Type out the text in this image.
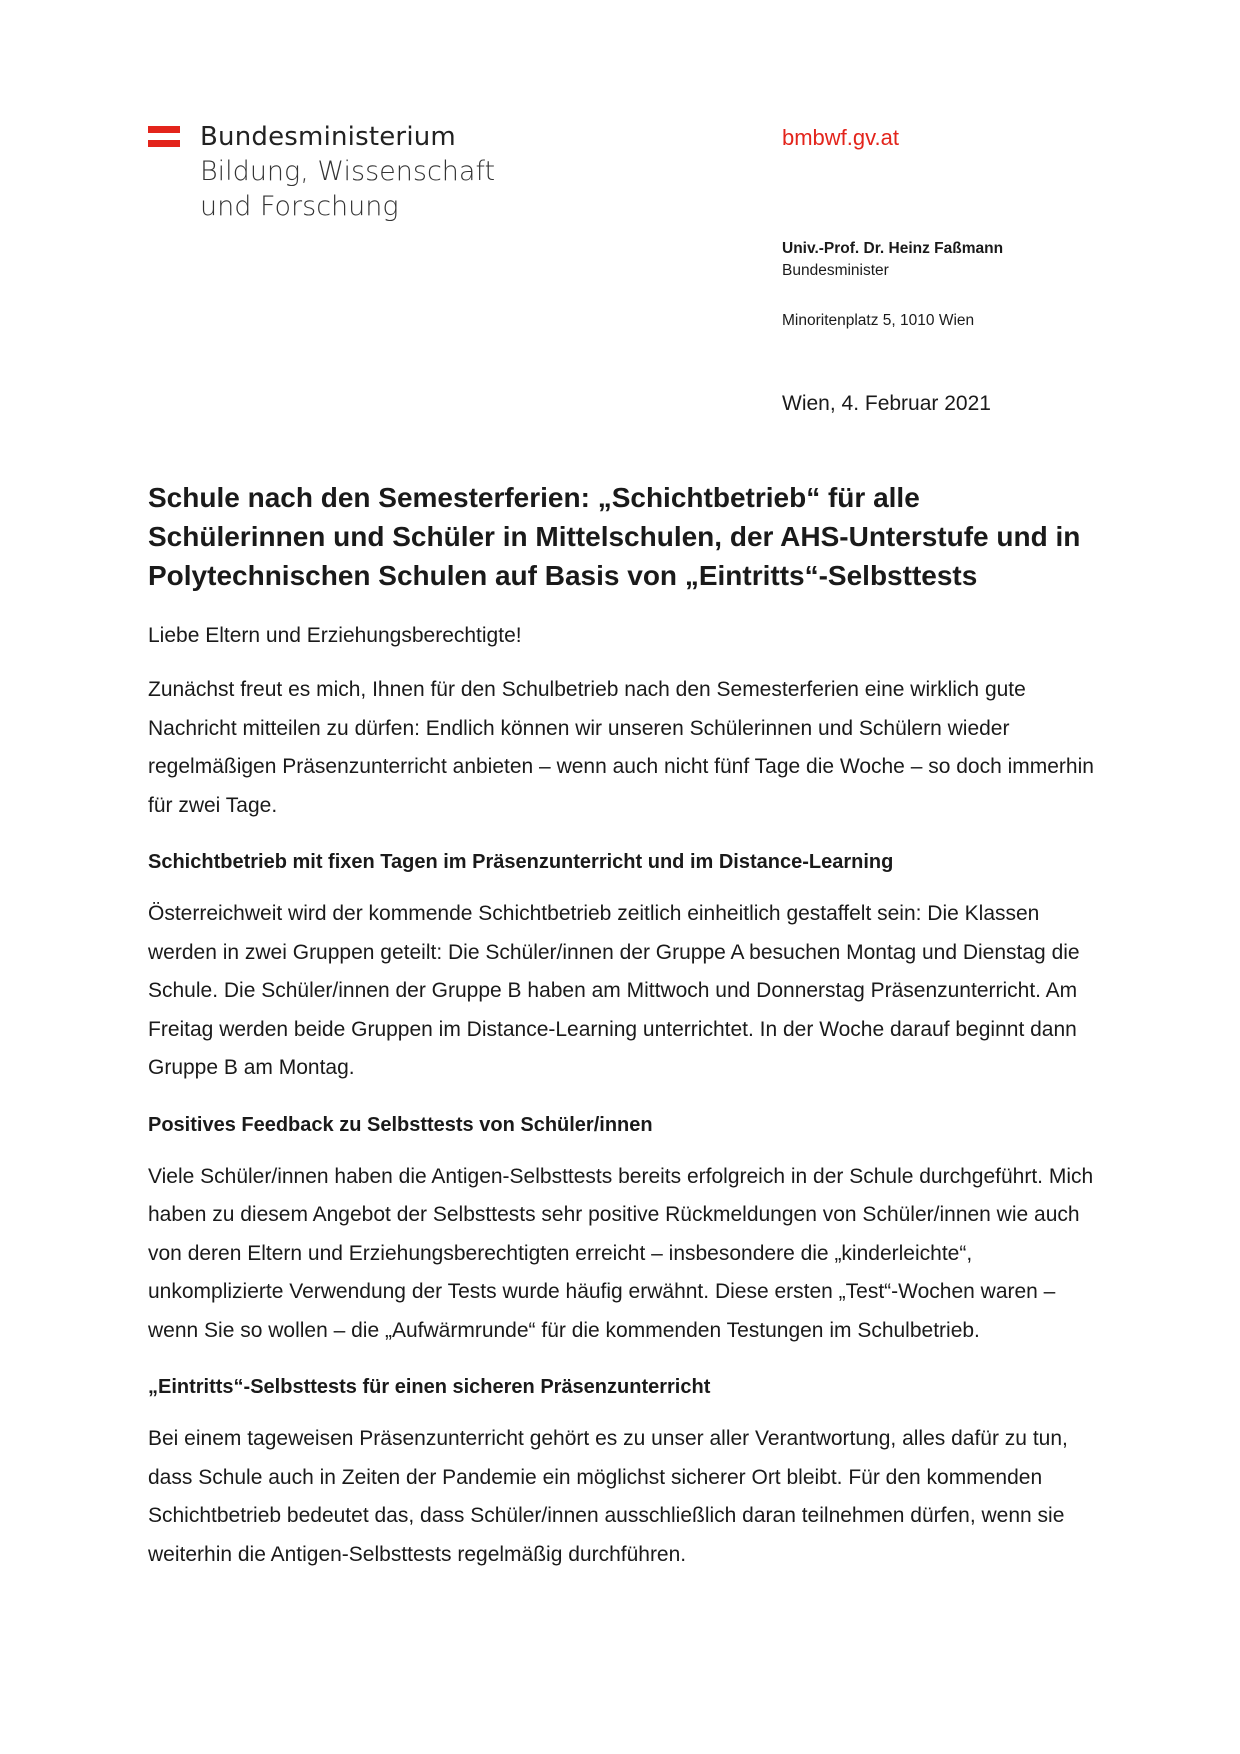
Bundesministerium
Bildung, Wissenschaft
und Forschung
bmbwf.gv.at
Univ.-Prof. Dr. Heinz Faßmann
Bundesminister
Minoritenplatz 5, 1010 Wien
Wien, 4. Februar 2021
Schule nach den Semesterferien: „Schichtbetrieb“ für alle Schülerinnen und Schüler in Mittelschulen, der AHS-Unterstufe und in Polytechnischen Schulen auf Basis von „Eintritts“-Selbsttests

Liebe Eltern und Erziehungsberechtigte!

Zunächst freut es mich, Ihnen für den Schulbetrieb nach den Semesterferien eine wirklich gute Nachricht mitteilen zu dürfen: Endlich können wir unseren Schülerinnen und Schülern wieder regelmäßigen Präsenzunterricht anbieten – wenn auch nicht fünf Tage die Woche – so doch immerhin für zwei Tage.

Schichtbetrieb mit fixen Tagen im Präsenzunterricht und im Distance-Learning

Österreichweit wird der kommende Schichtbetrieb zeitlich einheitlich gestaffelt sein: Die Klassen werden in zwei Gruppen geteilt: Die Schüler/innen der Gruppe A besuchen Montag und Dienstag die Schule. Die Schüler/innen der Gruppe B haben am Mittwoch und Donnerstag Präsenzunterricht. Am Freitag werden beide Gruppen im Distance-Learning unterrichtet. In der Woche darauf beginnt dann Gruppe B am Montag.

Positives Feedback zu Selbsttests von Schüler/innen

Viele Schüler/innen haben die Antigen-Selbsttests bereits erfolgreich in der Schule durchgeführt. Mich haben zu diesem Angebot der Selbsttests sehr positive Rückmeldungen von Schüler/innen wie auch von deren Eltern und Erziehungsberechtigten erreicht – insbesondere die „kinderleichte“, unkomplizierte Verwendung der Tests wurde häufig erwähnt. Diese ersten „Test“-Wochen waren – wenn Sie so wollen – die „Aufwärmrunde“ für die kommenden Testungen im Schulbetrieb.

„Eintritts“-Selbsttests für einen sicheren Präsenzunterricht

Bei einem tageweisen Präsenzunterricht gehört es zu unser aller Verantwortung, alles dafür zu tun, dass Schule auch in Zeiten der Pandemie ein möglichst sicherer Ort bleibt. Für den kommenden Schichtbetrieb bedeutet das, dass Schüler/innen ausschließlich daran teilnehmen dürfen, wenn sie weiterhin die Antigen-Selbsttests regelmäßig durchführen.
